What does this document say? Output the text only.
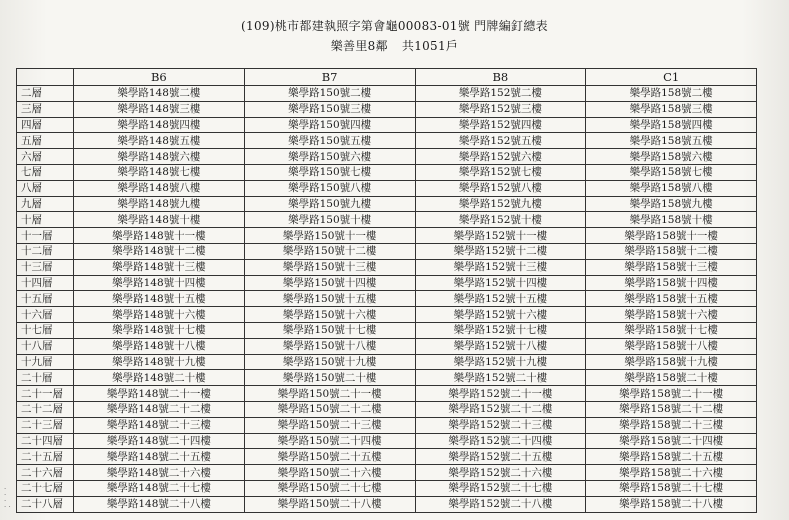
(109)桃市都建執照字第會龜00083-01號 門牌編釘總表
樂善里8鄰 共1051戶
	B6	B7	B8	C1
二層	樂學路148號二樓	樂學路150號二樓	樂學路152號二樓	樂學路158號二樓
三層	樂學路148號三樓	樂學路150號三樓	樂學路152號三樓	樂學路158號三樓
四層	樂學路148號四樓	樂學路150號四樓	樂學路152號四樓	樂學路158號四樓
五層	樂學路148號五樓	樂學路150號五樓	樂學路152號五樓	樂學路158號五樓
六層	樂學路148號六樓	樂學路150號六樓	樂學路152號六樓	樂學路158號六樓
七層	樂學路148號七樓	樂學路150號七樓	樂學路152號七樓	樂學路158號七樓
八層	樂學路148號八樓	樂學路150號八樓	樂學路152號八樓	樂學路158號八樓
九層	樂學路148號九樓	樂學路150號九樓	樂學路152號九樓	樂學路158號九樓
十層	樂學路148號十樓	樂學路150號十樓	樂學路152號十樓	樂學路158號十樓
十一層	樂學路148號十一樓	樂學路150號十一樓	樂學路152號十一樓	樂學路158號十一樓
十二層	樂學路148號十二樓	樂學路150號十二樓	樂學路152號十二樓	樂學路158號十二樓
十三層	樂學路148號十三樓	樂學路150號十三樓	樂學路152號十三樓	樂學路158號十三樓
十四層	樂學路148號十四樓	樂學路150號十四樓	樂學路152號十四樓	樂學路158號十四樓
十五層	樂學路148號十五樓	樂學路150號十五樓	樂學路152號十五樓	樂學路158號十五樓
十六層	樂學路148號十六樓	樂學路150號十六樓	樂學路152號十六樓	樂學路158號十六樓
十七層	樂學路148號十七樓	樂學路150號十七樓	樂學路152號十七樓	樂學路158號十七樓
十八層	樂學路148號十八樓	樂學路150號十八樓	樂學路152號十八樓	樂學路158號十八樓
十九層	樂學路148號十九樓	樂學路150號十九樓	樂學路152號十九樓	樂學路158號十九樓
二十層	樂學路148號二十樓	樂學路150號二十樓	樂學路152號二十樓	樂學路158號二十樓
二十一層	樂學路148號二十一樓	樂學路150號二十一樓	樂學路152號二十一樓	樂學路158號二十一樓
二十二層	樂學路148號二十二樓	樂學路150號二十二樓	樂學路152號二十二樓	樂學路158號二十二樓
二十三層	樂學路148號二十三樓	樂學路150號二十三樓	樂學路152號二十三樓	樂學路158號二十三樓
二十四層	樂學路148號二十四樓	樂學路150號二十四樓	樂學路152號二十四樓	樂學路158號二十四樓
二十五層	樂學路148號二十五樓	樂學路150號二十五樓	樂學路152號二十五樓	樂學路158號二十五樓
二十六層	樂學路148號二十六樓	樂學路150號二十六樓	樂學路152號二十六樓	樂學路158號二十六樓
二十七層	樂學路148號二十七樓	樂學路150號二十七樓	樂學路152號二十七樓	樂學路158號二十七樓
二十八層	樂學路148號二十八樓	樂學路150號二十八樓	樂學路152號二十八樓	樂學路158號二十八樓
·
·
·
· ·
